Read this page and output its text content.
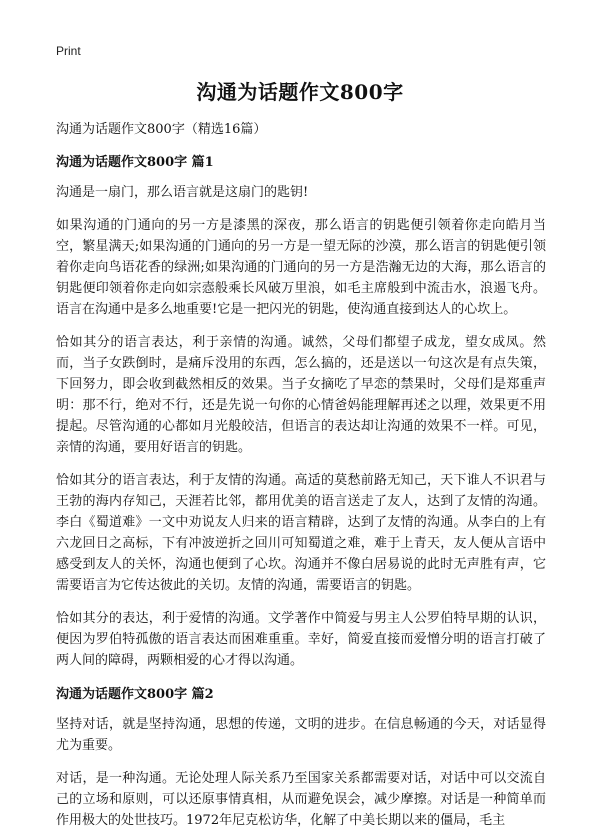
Print
沟通为话题作文800字

沟通为话题作文800字（精选16篇）

沟通为话题作文800字 篇1

沟通是一扇门，那么语言就是这扇门的匙钥!

如果沟通的门通向的另一方是漆黑的深夜，那么语言的钥匙便引领着你走向皓月当空，繁星满天;如果沟通的门通向的另一方是一望无际的沙漠，那么语言的钥匙便引领着你走向鸟语花香的绿洲;如果沟通的门通向的另一方是浩瀚无边的大海，那么语言的钥匙便印领着你走向如宗悫般乘长风破万里浪，如毛主席般到中流击水，浪遏飞舟。语言在沟通中是多么地重要!它是一把闪光的钥匙，使沟通直接到达人的心坎上。

恰如其分的语言表达，利于亲情的沟通。诚然，父母们都望子成龙，望女成凤。然而，当子女跌倒时，是痛斥没用的东西，怎么搞的，还是送以一句这次是有点失策，下回努力，即会收到截然相反的效果。当子女摘吃了早恋的禁果时，父母们是郑重声明：那不行，绝对不行，还是先说一句你的心情爸妈能理解再述之以理，效果更不用提起。尽管沟通的心都如月光般皎洁，但语言的表达却让沟通的效果不一样。可见，亲情的沟通，要用好语言的钥匙。

恰如其分的语言表达，利于友情的沟通。高适的莫愁前路无知己，天下谁人不识君与王勃的海内存知己，天涯若比邻，都用优美的语言送走了友人，达到了友情的沟通。李白《蜀道难》一文中劝说友人归来的语言精辟，达到了友情的沟通。从李白的上有六龙回日之高标，下有冲波逆折之回川可知蜀道之难，难于上青天，友人便从言语中感受到友人的关怀，沟通也便到了心坎。沟通并不像白居易说的此时无声胜有声，它需要语言为它传达彼此的关切。友情的沟通，需要语言的钥匙。

恰如其分的表达，利于爱情的沟通。文学著作中简爱与男主人公罗伯特早期的认识，便因为罗伯特孤傲的语言表达而困难重重。幸好，简爱直接而爱憎分明的语言打破了两人间的障碍，两颗相爱的心才得以沟通。

沟通为话题作文800字 篇2

坚持对话，就是坚持沟通，思想的传递，文明的进步。在信息畅通的今天，对话显得尤为重要。

对话，是一种沟通。无论处理人际关系乃至国家关系都需要对话，对话中可以交流自己的立场和原则，可以还原事情真相，从而避免误会，减少摩擦。对话是一种简单而作用极大的处世技巧。1972年尼克松访华，化解了中美长期以来的僵局，毛主
